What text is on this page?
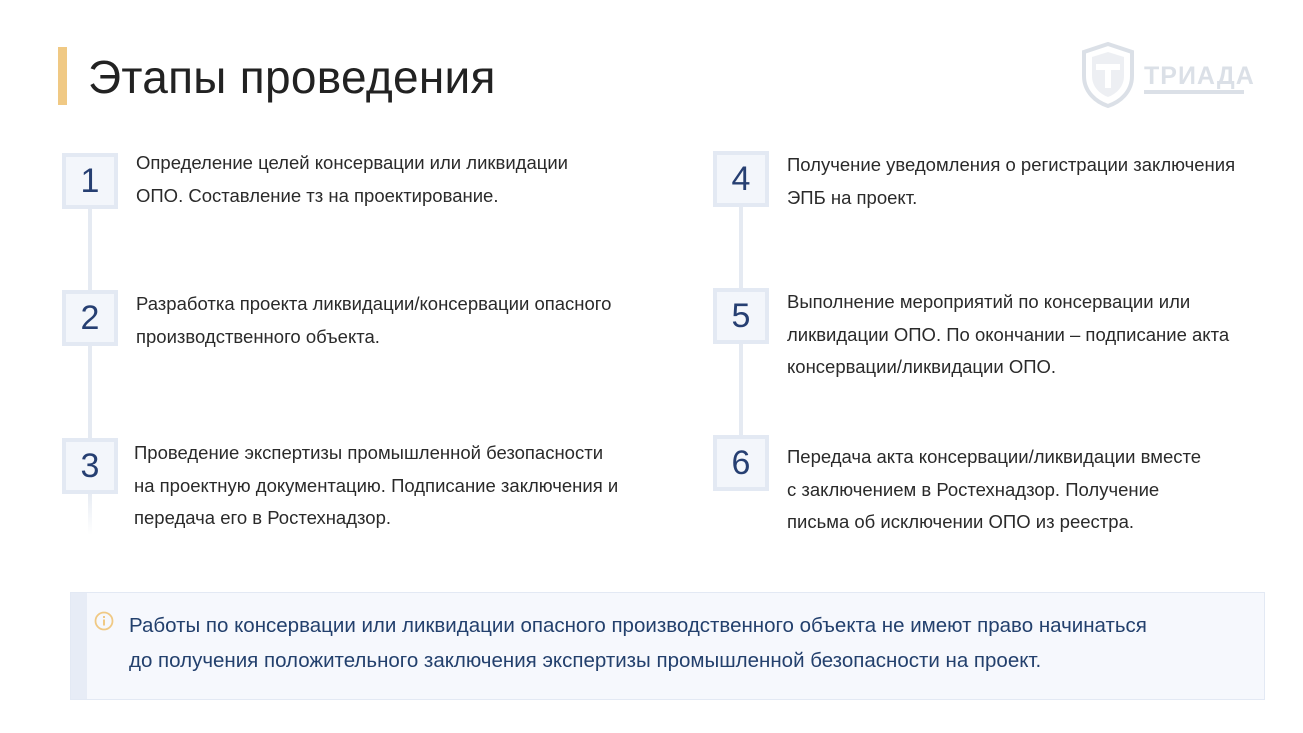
Этапы проведения	ТРИАДА
1 Определение целей консервации или ликвидации
ОПО. Составление тз на проектирование.
2 Разработка проекта ликвидации/консервации опасного
производственного объекта.
3 Проведение экспертизы промышленной безопасности
на проектную документацию. Подписание заключения и
передача его в Ростехнадзор.
4 Получение уведомления о регистрации заключения
ЭПБ на проект.
5 Выполнение мероприятий по консервации или
ликвидации ОПО. По окончании – подписание акта
консервации/ликвидации ОПО.
6 Передача акта консервации/ликвидации вместе
с заключением в Ростехнадзор. Получение
письма об исключении ОПО из реестра.
Работы по консервации или ликвидации опасного производственного объекта не имеют право начинаться
до получения положительного заключения экспертизы промышленной безопасности на проект.
